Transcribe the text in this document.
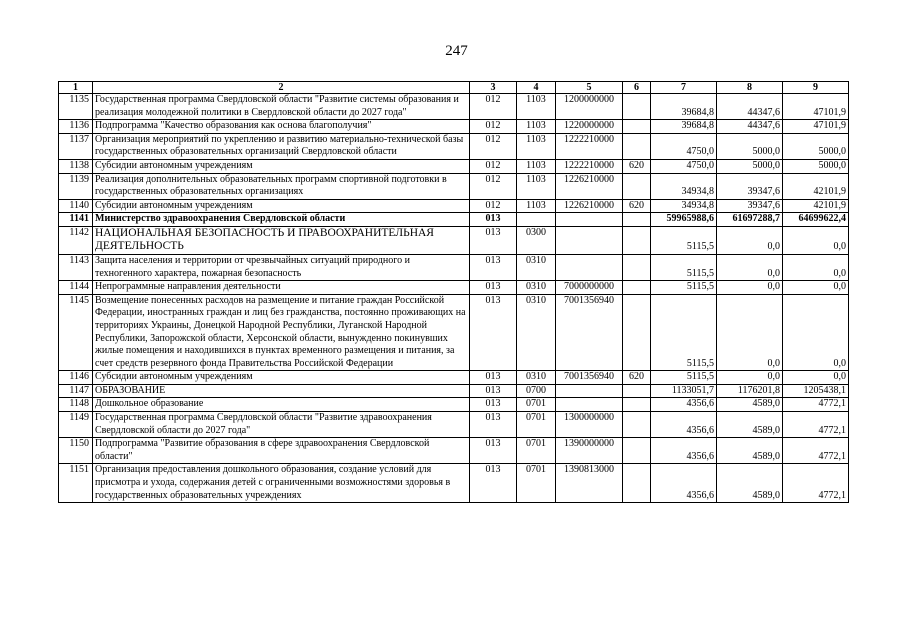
247
1	2	3	4	5	6	7	8	9
1135	Государственная программа Свердловской области "Развитие системы образования и реализация молодежной политики в Свердловской области до 2027 года"	012	1103	1200000000		39684,8	44347,6	47101,9
1136	Подпрограмма "Качество образования как основа благополучия"	012	1103	1220000000		39684,8	44347,6	47101,9
1137	Организация мероприятий по укреплению и развитию материально-технической базы государственных образовательных организаций Свердловской области	012	1103	1222210000		4750,0	5000,0	5000,0
1138	Субсидии автономным учреждениям	012	1103	1222210000	620	4750,0	5000,0	5000,0
1139	Реализация дополнительных образовательных программ спортивной подготовки в государственных образовательных организациях	012	1103	1226210000		34934,8	39347,6	42101,9
1140	Субсидии автономным учреждениям	012	1103	1226210000	620	34934,8	39347,6	42101,9
1141	Министерство здравоохранения Свердловской области	013				59965988,6	61697288,7	64699622,4
1142	НАЦИОНАЛЬНАЯ БЕЗОПАСНОСТЬ И ПРАВООХРАНИТЕЛЬНАЯ ДЕЯТЕЛЬНОСТЬ	013	0300			5115,5	0,0	0,0
1143	Защита населения и территории от чрезвычайных ситуаций природного и техногенного характера, пожарная безопасность	013	0310			5115,5	0,0	0,0
1144	Непрограммные направления деятельности	013	0310	7000000000		5115,5	0,0	0,0
1145	Возмещение понесенных расходов на размещение и питание граждан Российской Федерации, иностранных граждан и лиц без гражданства, постоянно проживающих на территориях Украины, Донецкой Народной Республики, Луганской Народной Республики, Запорожской области, Херсонской области, вынужденно покинувших жилые помещения и находившихся в пунктах временного размещения и питания, за счет средств резервного фонда Правительства Российской Федерации	013	0310	7001356940		5115,5	0,0	0,0
1146	Субсидии автономным учреждениям	013	0310	7001356940	620	5115,5	0,0	0,0
1147	ОБРАЗОВАНИЕ	013	0700			1133051,7	1176201,8	1205438,1
1148	Дошкольное образование	013	0701			4356,6	4589,0	4772,1
1149	Государственная программа Свердловской области "Развитие здравоохранения Свердловской области до 2027 года"	013	0701	1300000000		4356,6	4589,0	4772,1
1150	Подпрограмма "Развитие образования в сфере здравоохранения Свердловской области"	013	0701	1390000000		4356,6	4589,0	4772,1
1151	Организация предоставления дошкольного образования, создание условий для присмотра и ухода, содержания детей с ограниченными возможностями здоровья в государственных образовательных учреждениях	013	0701	1390813000		4356,6	4589,0	4772,1
